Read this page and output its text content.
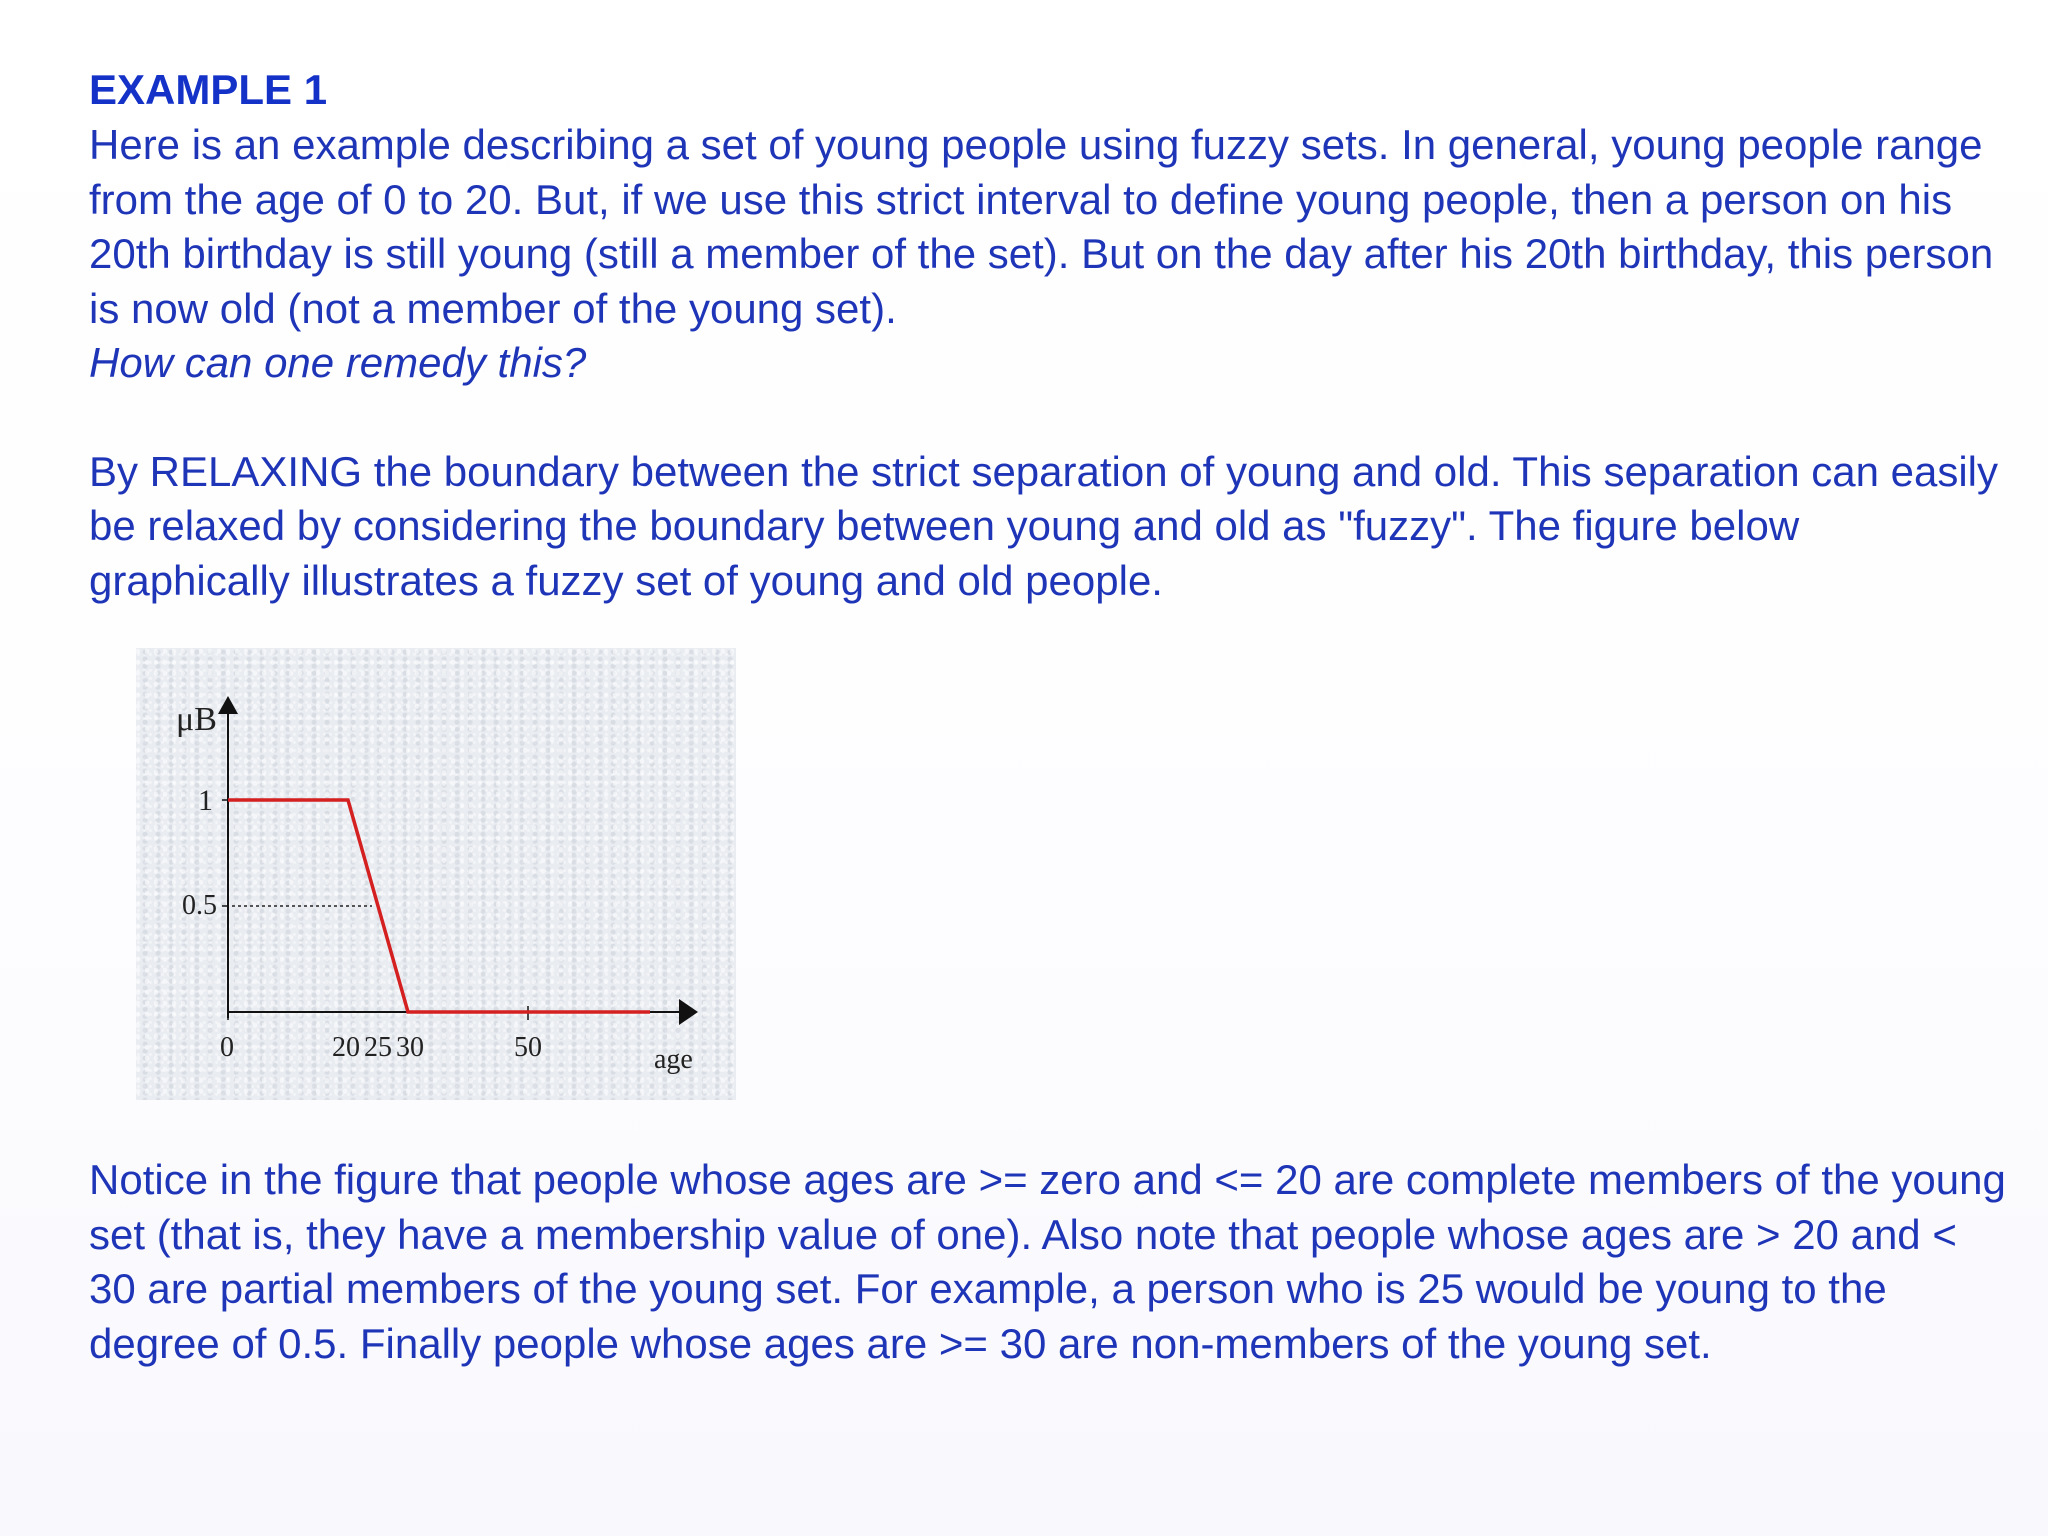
EXAMPLE 1

Here is an example describing a set of young people using fuzzy sets. In general, young people range from the age of 0 to 20. But, if we use this strict interval to define young people, then a person on his 20th birthday is still young (still a member of the set). But on the day after his 20th birthday, this person is now old (not a member of the young set).

How can one remedy this?

By RELAXING the boundary between the strict separation of young and old. This separation can easily be relaxed by considering the boundary between young and old as "fuzzy". The figure below graphically illustrates a fuzzy set of young and old people.

μB
1
0.5
0	20 25 30	50	age

Notice in the figure that people whose ages are >= zero and <= 20 are complete members of the young set (that is, they have a membership value of one). Also note that people whose ages are > 20 and < 30 are partial members of the young set. For example, a person who is 25 would be young to the degree of 0.5. Finally people whose ages are >= 30 are non-members of the young set.
